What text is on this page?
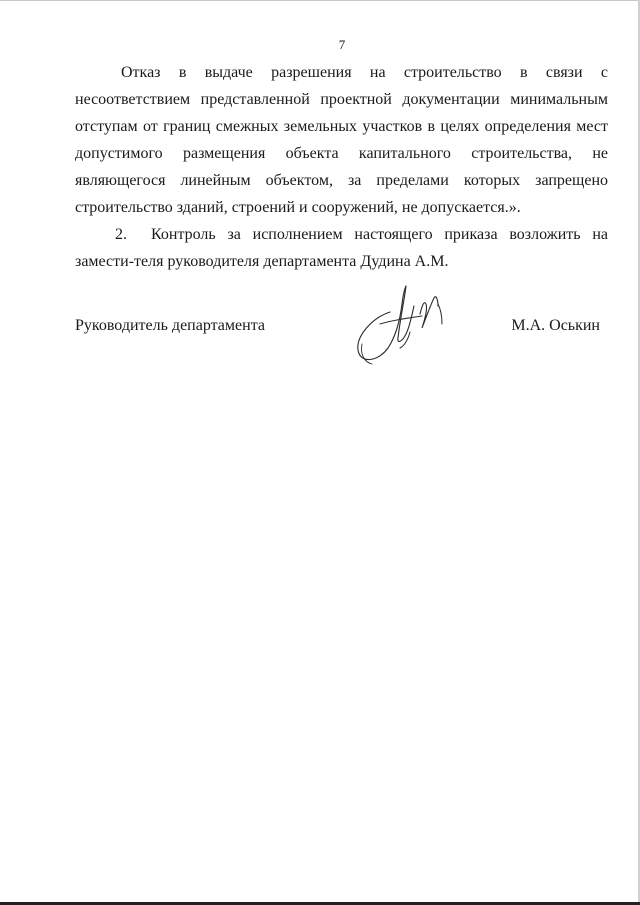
7

Отказ в выдаче разрешения на строительство в связи с несоответствием представленной проектной документации минимальным отступам от границ смежных земельных участков в целях определения мест допустимого размещения объекта капитального строительства, не являющегося линейным объектом, за пределами которых запрещено строительство зданий, строений и сооружений, не допускается.».

2. Контроль за исполнением настоящего приказа возложить на замести-теля руководителя департамента Дудина А.М.

Руководитель департамента	М.А. Оськин
